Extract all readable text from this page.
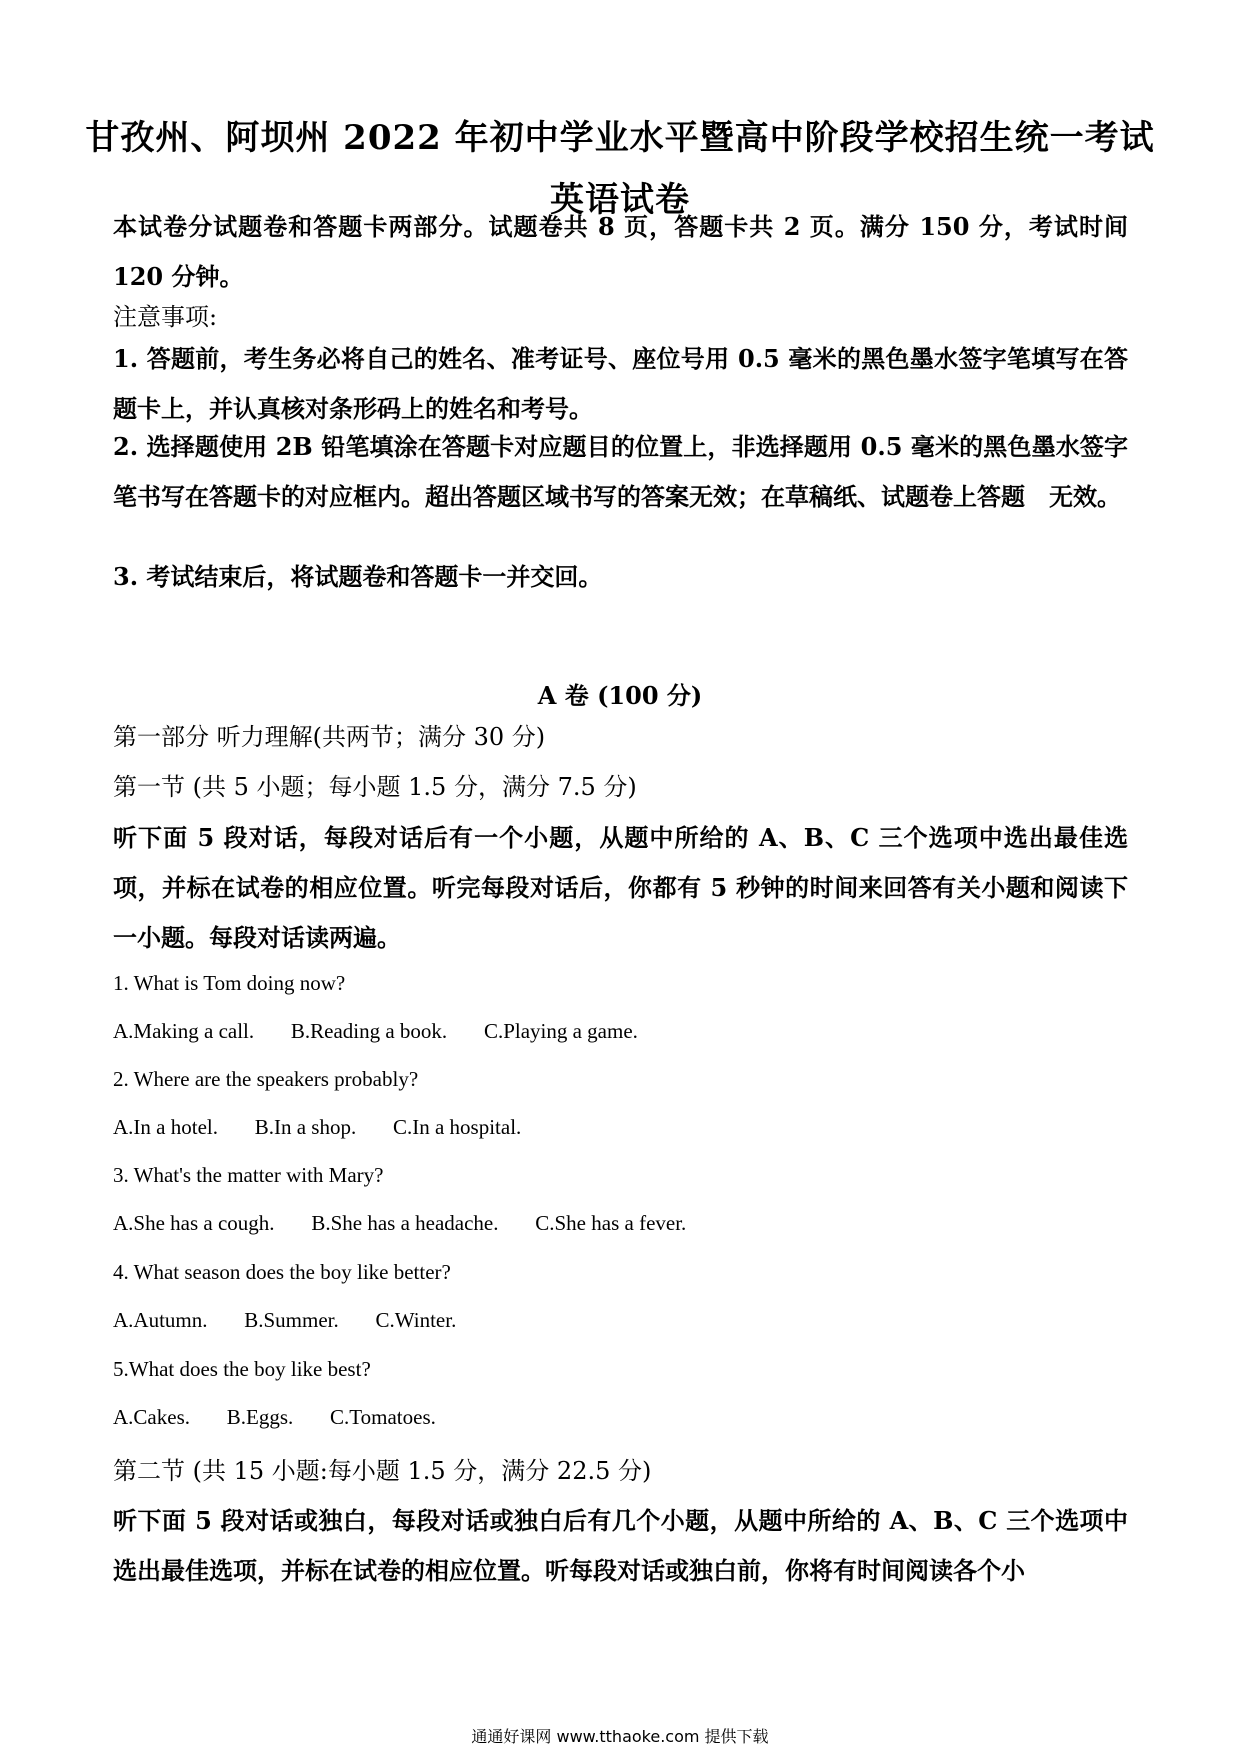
甘孜州、阿坝州 2022 年初中学业水平暨高中阶段学校招生统一考试
英语试卷
本试卷分试题卷和答题卡两部分。试题卷共 8 页，答题卡共 2 页。满分 150 分，考试时间 120 分钟。
注意事项:
1. 答题前，考生务必将自己的姓名、准考证号、座位号用 0.5 毫米的黑色墨水签字笔填写在答题卡上，并认真核对条形码上的姓名和考号。
2. 选择题使用 2B 铅笔填涂在答题卡对应题目的位置上，非选择题用 0.5 毫米的黑色墨水签字笔书写在答题卡的对应框内。超出答题区域书写的答案无效；在草稿纸、试题卷上答题　无效。
3. 考试结束后，将试题卷和答题卡一并交回。
A 卷 (100 分)
第一部分 听力理解(共两节；满分 30 分)
第一节 (共 5 小题；每小题 1.5 分，满分 7.5 分)
听下面 5 段对话，每段对话后有一个小题，从题中所给的 A、B、C 三个选项中选出最佳选项，并标在试卷的相应位置。听完每段对话后，你都有 5 秒钟的时间来回答有关小题和阅读下一小题。每段对话读两遍。
1. What is Tom doing now?
A.Making a call. B.Reading a book. C.Playing a game.
2. Where are the speakers probably?
A.In a hotel. B.In a shop. C.In a hospital.
3. What's the matter with Mary?
A.She has a cough. B.She has a headache. C.She has a fever.
4. What season does the boy like better?
A.Autumn. B.Summer. C.Winter.
5.What does the boy like best?
A.Cakes. B.Eggs. C.Tomatoes.
第二节 (共 15 小题:每小题 1.5 分，满分 22.5 分)
听下面 5 段对话或独白，每段对话或独白后有几个小题，从题中所给的 A、B、C 三个选项中选出最佳选项，并标在试卷的相应位置。听每段对话或独白前，你将有时间阅读各个小
通通好课网 www.tthaoke.com 提供下载
